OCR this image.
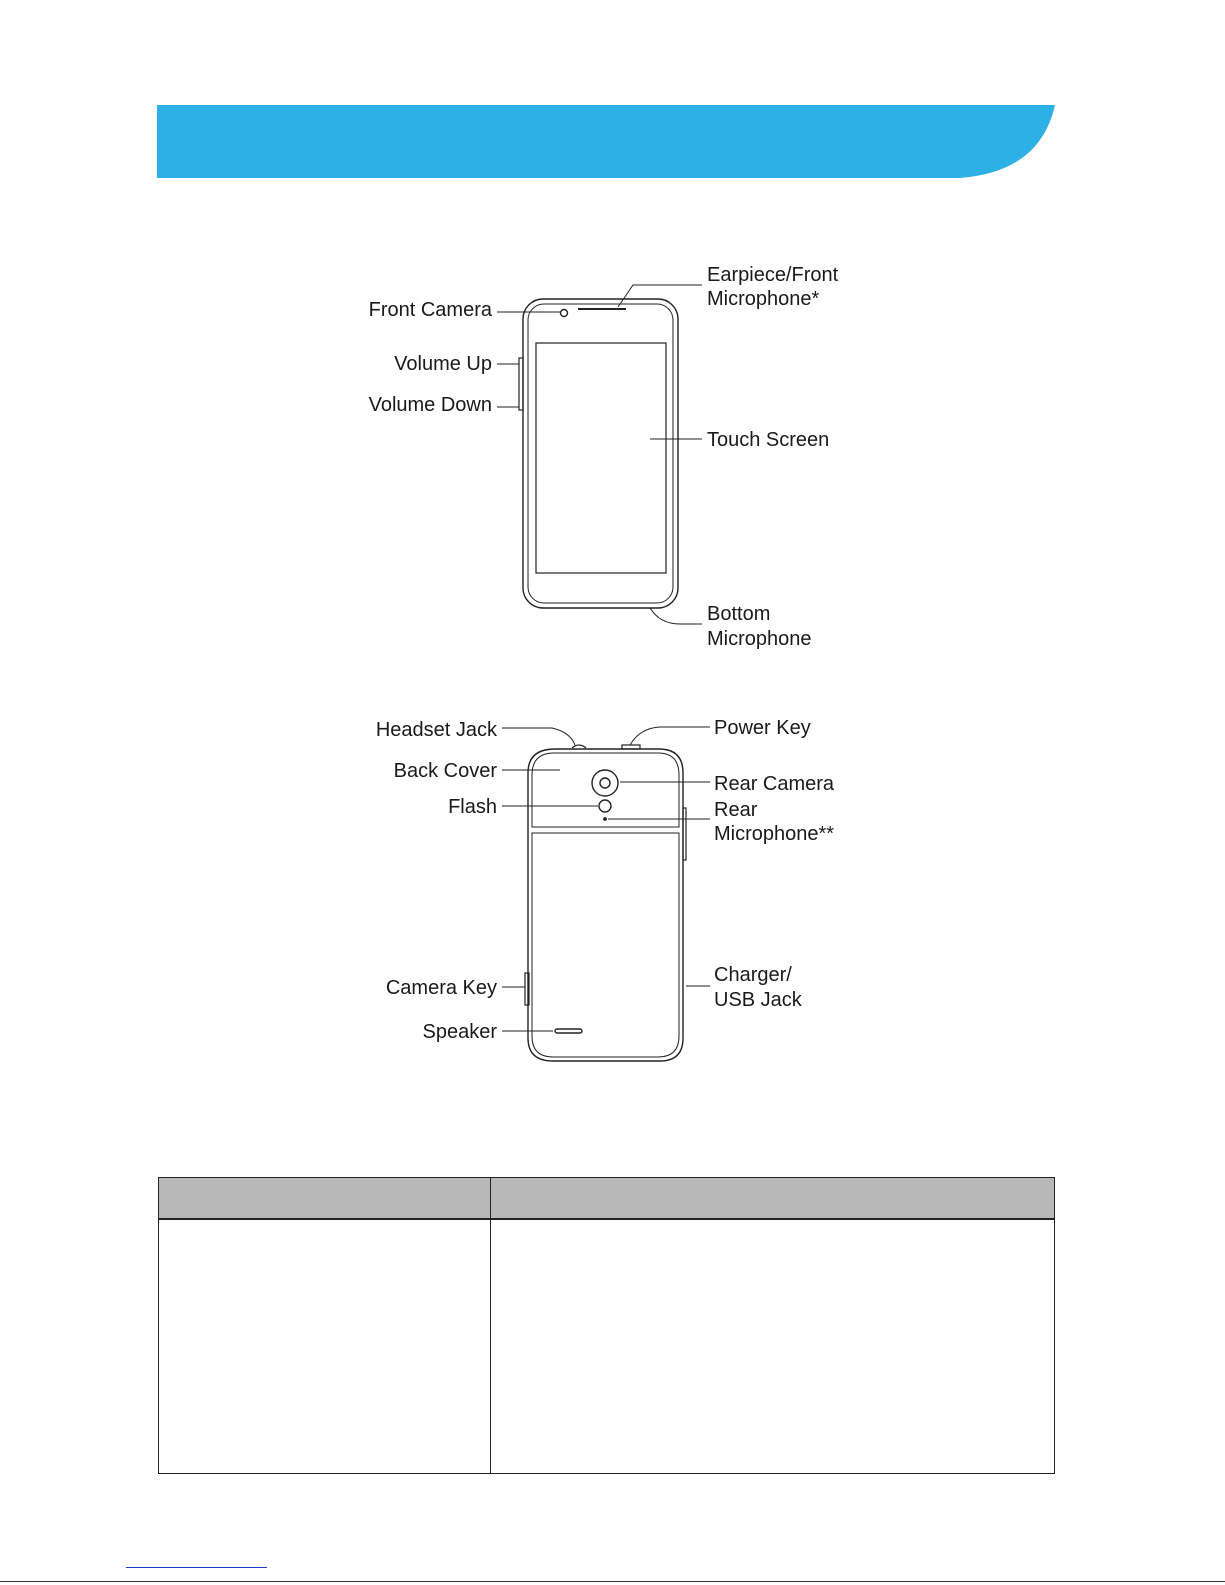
Front Camera
Volume Up
Volume Down
Earpiece/Front
Microphone*
Touch Screen
Bottom
Microphone
Headset Jack
Back Cover
Flash
Power Key
Rear Camera
Rear
Microphone**
Camera Key
Speaker
Charger/
USB Jack
